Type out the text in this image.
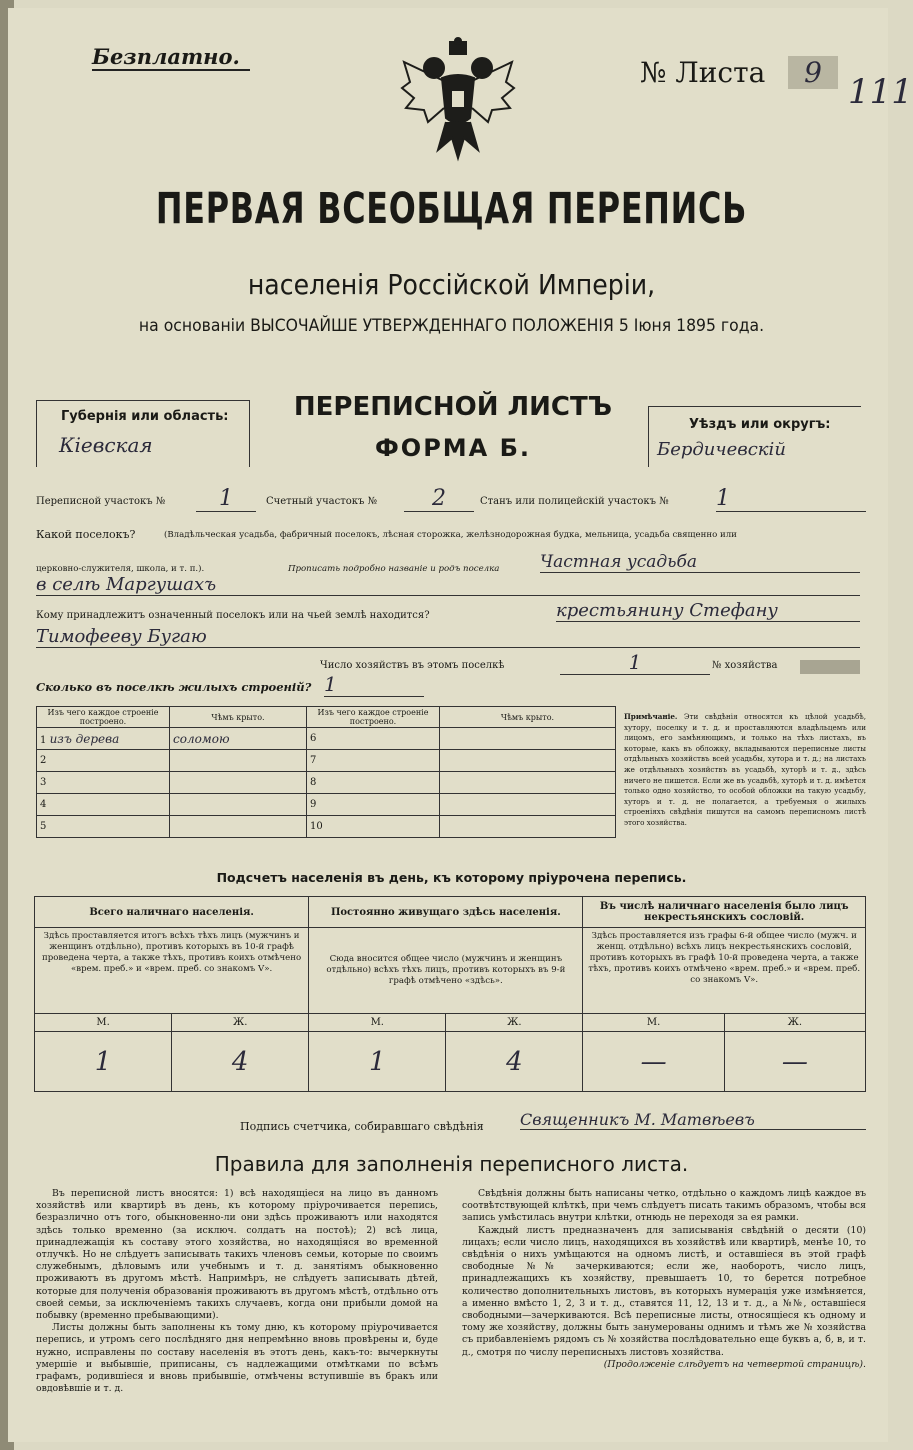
Безплатно.	№ Листа	9 111
ПЕРВАЯ ВСЕОБЩАЯ ПЕРЕПИСЬ
населенія Россійской Имперіи,
на основаніи ВЫСОЧАЙШЕ УТВЕРЖДЕННАГО ПОЛОЖЕНІЯ 5 Іюня 1895 года.
Губернія или область:
Кіевская
ПЕРЕПИСНОЙ ЛИСТЪ
ФОРМА Б.
Уѣздъ или округъ:
Бердичевскій
Переписной участокъ №	1	Счетный участокъ №	2	Станъ или полицейскій участокъ № 1
Какой поселокъ?	(Владѣльческая усадьба, фабричный поселокъ, лѣсная сторожка, желѣзнодорожная будка, мельница, усадьба священно или
церковно-служителя, школа, и т. п.).	Прописать подробно названіе и родъ поселка Частная усадьба
в селѣ Маргушахъ
Кому принадлежитъ означенный поселокъ или на чьей землѣ находится?	крестьянину Стефану
Тимофееву Бугаю
Число хозяйствъ въ этомъ поселкѣ	1	№ хозяйства
Сколько въ поселкѣ жилыхъ строеній? 1
Изъ чего каждое строеніе построено.	Чѣмъ крыто.	Изъ чего каждое строеніе построено.	Чѣмъ крыто.
1 изъ дерева	соломою	6	
2		7	
3		8	
4		9	
5		10	
Примѣчаніе. Эти свѣдѣнія относятся къ цѣлой усадьбѣ, хутору, поселку и т. д. и проставляются владѣльцемъ или лицомъ, его замѣняющимъ, и только на тѣхъ листахъ, въ которые, какъ въ обложку, вкладываются переписные листы отдѣльныхъ хозяйствъ всей усадьбы, хутора и т. д.; на листахъ же отдѣльныхъ хозяйствъ въ усадьбѣ, хуторѣ и т. д., здѣсь ничего не пишется. Если же въ усадьбѣ, хуторѣ и т. д. имѣется только одно хозяйство, то особой обложки на такую усадьбу, хуторъ и т. д. не полагается, а требуемыя о жилыхъ строеніяхъ свѣдѣнія пишутся на самомъ переписномъ листѣ этого хозяйства.
Подсчетъ населенія въ день, къ которому пріурочена перепись.
Всего наличнаго населенія.		Постоянно живущаго здѣсь населенія.		Въ числѣ наличнаго населенія было лицъ некрестьянскихъ сословій.	
Здѣсь проставляется итогъ всѣхъ тѣхъ лицъ (мужчинъ и женщинъ отдѣльно), противъ которыхъ въ 10-й графѣ проведена черта, а также тѣхъ, противъ коихъ отмѣчено «врем. преб.» и «врем. преб. со знакомъ V».		Сюда вносится общее число (мужчинъ и женщинъ отдѣльно) всѣхъ тѣхъ лицъ, противъ которыхъ въ 9-й графѣ отмѣчено «здѣсь».		Здѣсь проставляется изъ графы 6-й общее число (мужч. и женщ. отдѣльно) всѣхъ лицъ некрестьянскихъ сословій, противъ которыхъ въ графѣ 10-й проведена черта, а также тѣхъ, противъ коихъ отмѣчено «врем. преб.» и «врем. преб. со знакомъ V».	
М.	Ж.	М.	Ж.	М.	Ж.
1	4	1	4	—	—
Подпись счетчика, собиравшаго свѣдѣнія Священникъ М. Матвѣевъ
Правила для заполненія переписного листа.
Въ переписной листъ вносятся: 1) всѣ находящіеся на лицо въ данномъ хозяйствѣ или квартирѣ въ день, къ которому пріурочивается перепись, безразлично отъ того, обыкновенно-ли они здѣсь проживаютъ или находятся здѣсь только временно (за исключ. солдатъ на постоѣ); 2) всѣ лица, принадлежащія къ составу этого хозяйства, но находящіяся во временной отлучкѣ. Но не слѣдуетъ записывать такихъ членовъ семьи, которые по своимъ служебнымъ, дѣловымъ или учебнымъ и т. д. занятіямъ обыкновенно проживаютъ въ другомъ мѣстѣ. Напримѣръ, не слѣдуетъ записывать дѣтей, которые для полученія образованія проживаютъ въ другомъ мѣстѣ, отдѣльно отъ своей семьи, за исключеніемъ такихъ случаевъ, когда они прибыли домой на побывку (временно пребывающими).
Листы должны быть заполнены къ тому дню, къ которому пріурочивается перепись, и утромъ сего послѣдняго дня непремѣнно вновь провѣрены и, буде нужно, исправлены по составу населенія въ этотъ день, какъ-то: вычеркнуты умершіе и выбывшіе, приписаны, съ надлежащими отмѣтками по всѣмъ графамъ, родившіеся и вновь прибывшіе, отмѣчены вступившіе въ бракъ или овдовѣвшіе и т. д.
Свѣдѣнія должны быть написаны четко, отдѣльно о каждомъ лицѣ каждое въ соотвѣтствующей клѣткѣ, при чемъ слѣдуетъ писать такимъ образомъ, чтобы вся запись умѣстилась внутри клѣтки, отнюдь не переходя за ея рамки.
Каждый листъ предназначенъ для записыванія свѣдѣній о десяти (10) лицахъ; если число лицъ, находящихся въ хозяйствѣ или квартирѣ, менѣе 10, то свѣдѣнія о нихъ умѣщаются на одномъ листѣ, и оставшіеся въ этой графѣ свободные №№ зачеркиваются; если же, наоборотъ, число лицъ, принадлежащихъ къ хозяйству, превышаетъ 10, то берется потребное количество дополнительныхъ листовъ, въ которыхъ нумерація уже измѣняется, а именно вмѣсто 1, 2, 3 и т. д., ставятся 11, 12, 13 и т. д., а №№, оставшіеся свободными—зачеркиваются. Всѣ переписные листы, относящіеся къ одному и тому же хозяйству, должны быть занумерованы однимъ и тѣмъ же № хозяйства съ прибавленіемъ рядомъ съ № хозяйства послѣдовательно еще буквъ а, б, в, и т. д., смотря по числу переписныхъ листовъ хозяйства.
(Продолженіе слѣдуетъ на четвертой страницѣ).
